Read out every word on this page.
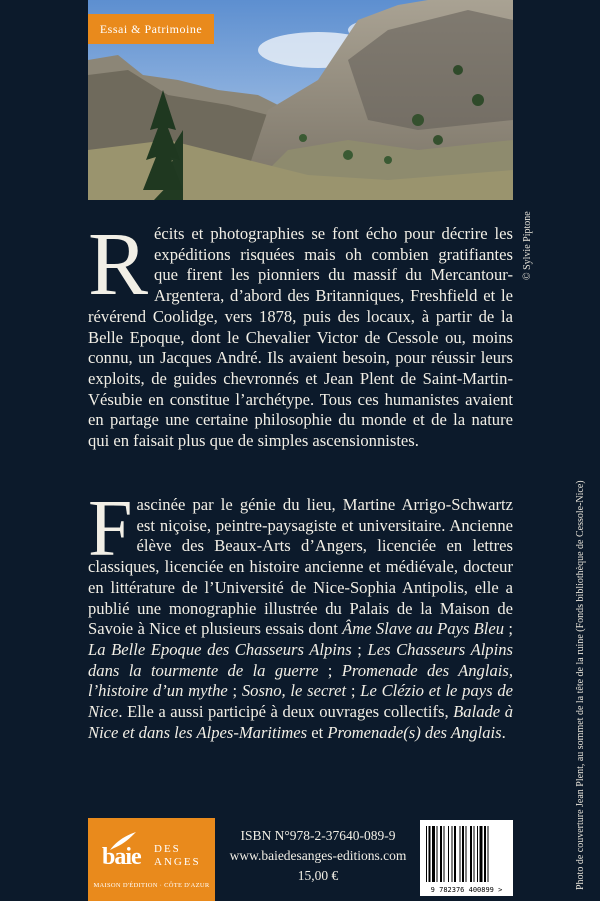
Essai & Patrimoine
© Sylvie Piptone
Photo de couverture Jean Plent, au sommet de la tête de la ruine (Fonds bibliothèque de Cessole-Nice)
Récits et photographies se font écho pour décrire les expéditions risquées mais oh combien gratifiantes que firent les pionniers du massif du Mercantour-Argentera, d’abord des Britanniques, Freshfield et le révérend Coolidge, vers 1878, puis des locaux, à partir de la Belle Epoque, dont le Chevalier Victor de Cessole ou, moins connu, un Jacques André. Ils avaient besoin, pour réussir leurs exploits, de guides chevronnés et Jean Plent de Saint-Martin-Vésubie en constitue l’archétype. Tous ces humanistes avaient en partage une certaine philosophie du monde et de la nature qui en faisait plus que de simples ascensionnistes.
Fascinée par le génie du lieu, Martine Arrigo-Schwartz est niçoise, peintre-paysagiste et universitaire. Ancienne élève des Beaux-Arts d’Angers, licenciée en lettres classiques, licenciée en histoire ancienne et médiévale, docteur en littérature de l’Université de Nice-Sophia Antipolis, elle a publié une monographie illustrée du Palais de la Maison de Savoie à Nice et plusieurs essais dont Âme Slave au Pays Bleu ; La Belle Epoque des Chasseurs Alpins ; Les Chasseurs Alpins dans la tourmente de la guerre ; Promenade des Anglais, l’histoire d’un mythe ; Sosno, le secret ; Le Clézio et le pays de Nice. Elle a aussi participé à deux ouvrages collectifs, Balade à Nice et dans les Alpes-Maritimes et Promenade(s) des Anglais.
baie DES
ANGES
MAISON D'ÉDITION · CÔTE D'AZUR
ISBN N°978-2-37640-089-9
www.baiedesanges-editions.com
15,00 €
9 782376 400899 >
